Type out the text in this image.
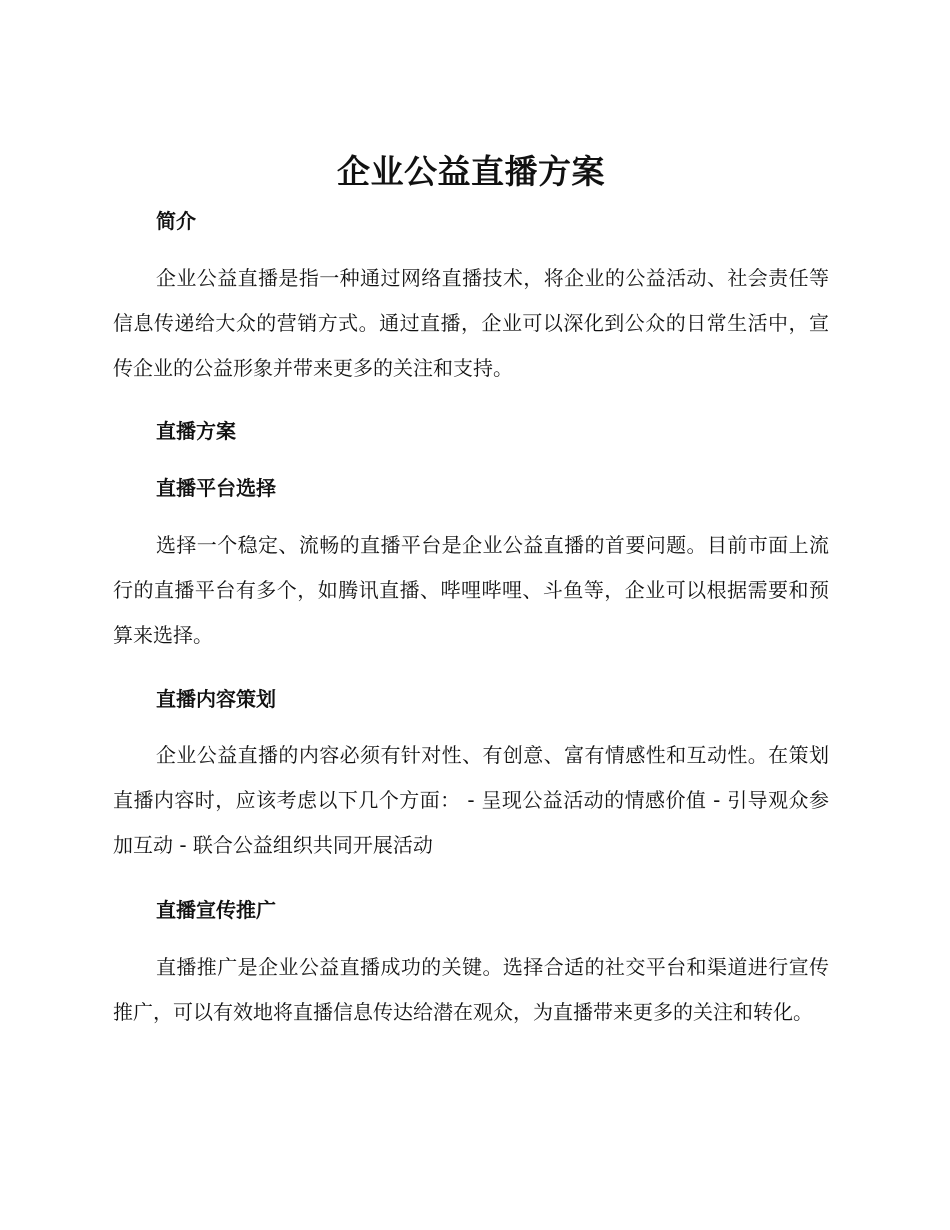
企业公益直播方案
简介

企业公益直播是指一种通过网络直播技术，将企业的公益活动、社会责任等信息传递给大众的营销方式。通过直播，企业可以深化到公众的日常生活中，宣传企业的公益形象并带来更多的关注和支持。

直播方案
直播平台选择

选择一个稳定、流畅的直播平台是企业公益直播的首要问题。目前市面上流行的直播平台有多个，如腾讯直播、哔哩哔哩、斗鱼等，企业可以根据需要和预算来选择。

直播内容策划

企业公益直播的内容必须有针对性、有创意、富有情感性和互动性。在策划直播内容时，应该考虑以下几个方面： - 呈现公益活动的情感价值 - 引导观众参加互动 - 联合公益组织共同开展活动

直播宣传推广

直播推广是企业公益直播成功的关键。选择合适的社交平台和渠道进行宣传推广，可以有效地将直播信息传达给潜在观众，为直播带来更多的关注和转化。
